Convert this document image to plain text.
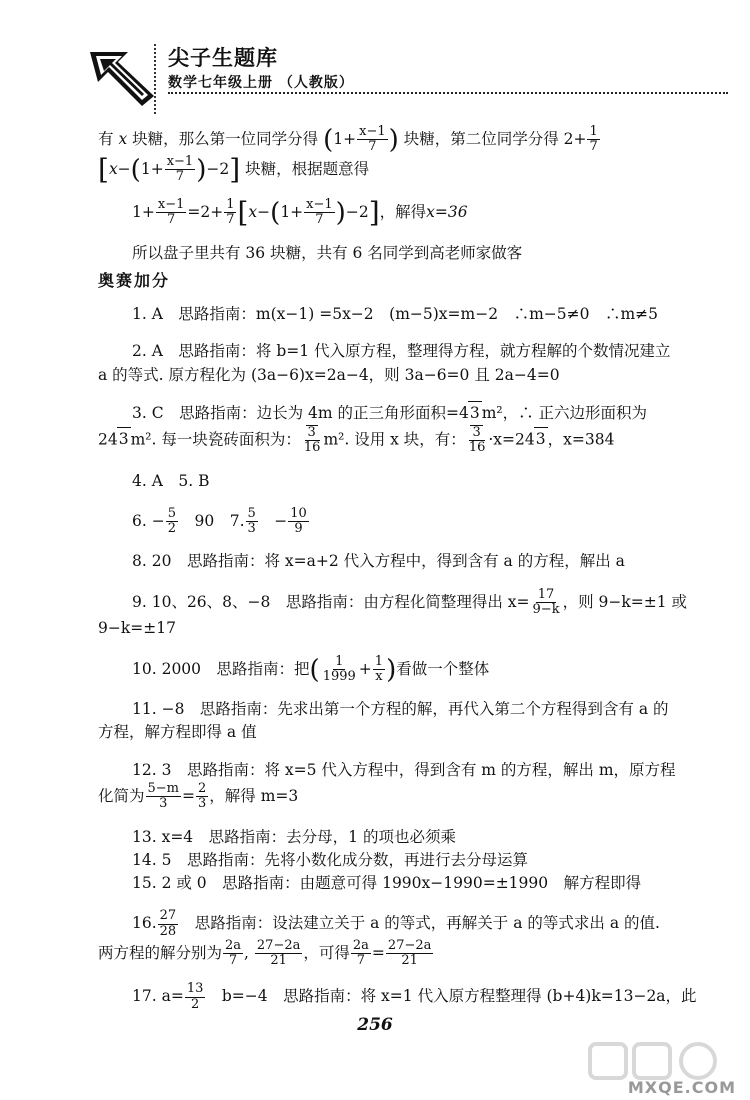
尖子生题库
数学七年级上册 （人教版）

有 x 块糖，那么第一位同学分得 ($1+ \frac{x-1}{7}$ ) 块糖，第二位同学分得 $2+ \frac{1}{7}$

$[x-(1+ \frac{x-1}{7} )-2]$ 块糖，根据题意得

$1+ \frac{x-1}{7} =2+ \frac{1}{7} [x-(1+ \frac{x-1}{7} )-2]$，解得x=36

所以盘子里共有 36 块糖，共有 6 名同学到高老师家做客

奥赛加分

1. A　思路指南：m(x−1) =5x−2　(m−5)x=m−2　∴m−5≠0　∴m≠5

2. A　思路指南：将 b=1 代入原方程，整理得方程，就方程解的个数情况建立

a 的等式. 原方程化为 (3a−6)x=2a−4，则 3a−6=0 且 2a−4=0

3. C　思路指南：边长为 4m 的正三角形面积=43 m²，∴ 正六边形面积为

243 m². 每一块瓷砖面积为： $\frac{3}{16} m^2$. 设用 x 块，有： $\frac{3}{16} \cdot x=243$ ，x=384

4. A　5. B

6. − $\frac{5}{2}$ 　90　7. $\frac{5}{3}$ 　− $\frac{10}{9}$

8. 20　思路指南：将 x=a+2 代入方程中，得到含有 a 的方程，解出 a

9. 10、26、8、−8　思路指南：由方程化简整理得出 $x= \frac{17}{9-k}$ ，则 9−k=±1 或

9−k=±17

10. 2000　思路指南：把( $\frac{1}{1999} + \frac{1}{x}$ )看做一个整体

11. −8　思路指南：先求出第一个方程的解，再代入第二个方程得到含有 a 的

方程，解方程即得 a 值

12. 3　思路指南：将 x=5 代入方程中，得到含有 m 的方程，解出 m，原方程

化简为 $\frac{5-m}{3} = \frac{2}{3}$ ，解得 m=3

13. x=4　思路指南：去分母，1 的项也必须乘

14. 5　思路指南：先将小数化成分数，再进行去分母运算

15. 2 或 0　思路指南：由题意可得 1990x−1990=±1990　解方程即得

16. $\frac{27}{28}$ 　思路指南：设法建立关于 a 的等式，再解关于 a 的等式求出 a 的值.

两方程的解分别为 $\frac{2a}{7}$ , $\frac{27-2a}{21}$ ，可得 $\frac{2a}{7} = \frac{27-2a}{21}$

17. $a= \frac{13}{2}$ 　b=−4　思路指南：将 x=1 代入原方程整理得 (b+4)k=13−2a，此

256
MXQE.COM
